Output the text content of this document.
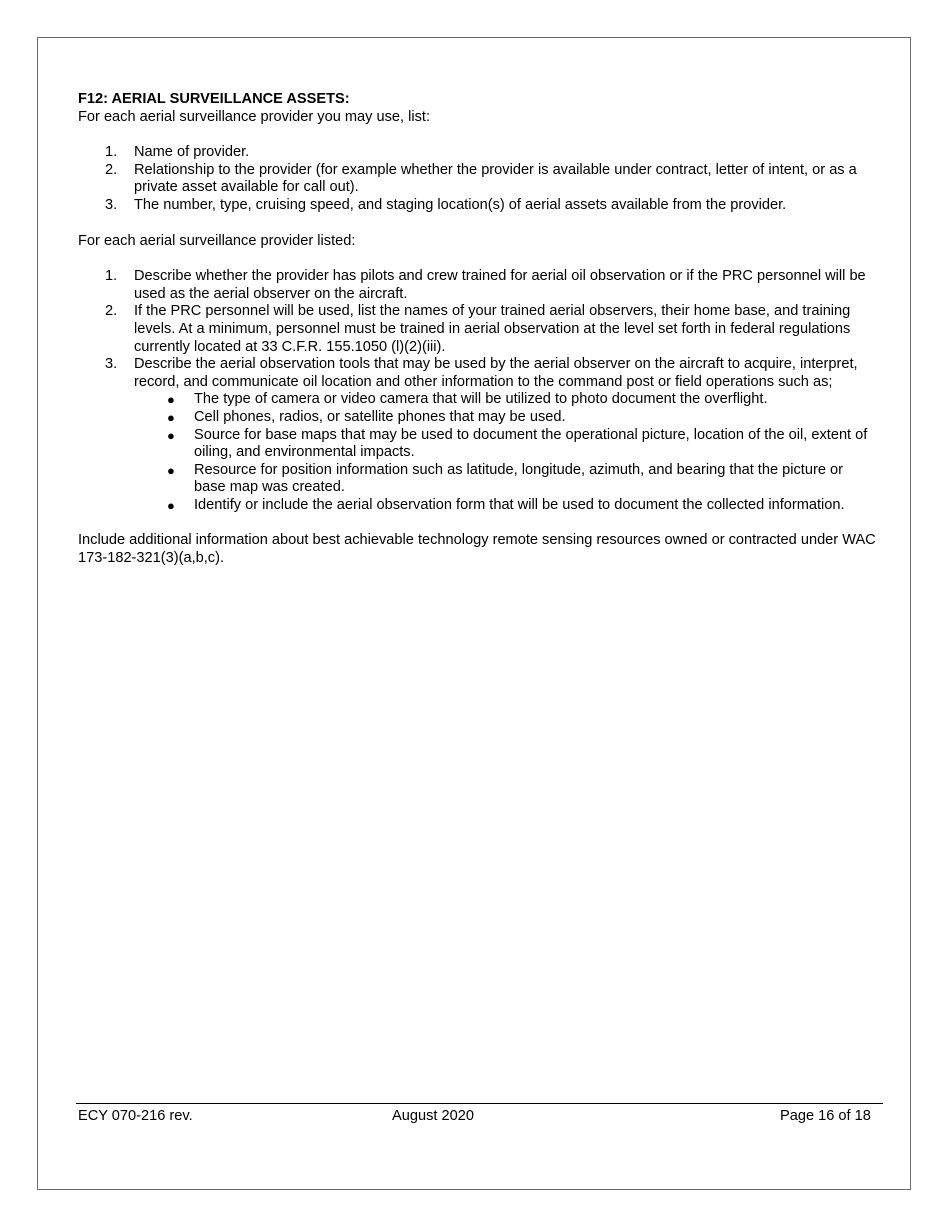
F12: AERIAL SURVEILLANCE ASSETS:

For each aerial surveillance provider you may use, list:

1. Name of provider.
2. Relationship to the provider (for example whether the provider is available under contract, letter of intent, or as a private asset available for call out).
3. The number, type, cruising speed, and staging location(s) of aerial assets available from the provider.

For each aerial surveillance provider listed:

1. Describe whether the provider has pilots and crew trained for aerial oil observation or if the PRC personnel will be used as the aerial observer on the aircraft.
2. If the PRC personnel will be used, list the names of your trained aerial observers, their home base, and training levels. At a minimum, personnel must be trained in aerial observation at the level set forth in federal regulations currently located at 33 C.F.R. 155.1050 (l)(2)(iii).
3. Describe the aerial observation tools that may be used by the aerial observer on the aircraft to acquire, interpret, record, and communicate oil location and other information to the command post or field operations such as;
● The type of camera or video camera that will be utilized to photo document the overflight.
● Cell phones, radios, or satellite phones that may be used.
● Source for base maps that may be used to document the operational picture, location of the oil, extent of oiling, and environmental impacts.
● Resource for position information such as latitude, longitude, azimuth, and bearing that the picture or base map was created.
● Identify or include the aerial observation form that will be used to document the collected information.

Include additional information about best achievable technology remote sensing resources owned or contracted under WAC 173-182-321(3)(a,b,c).

ECY 070-216 rev.	August 2020	Page 16 of 18
